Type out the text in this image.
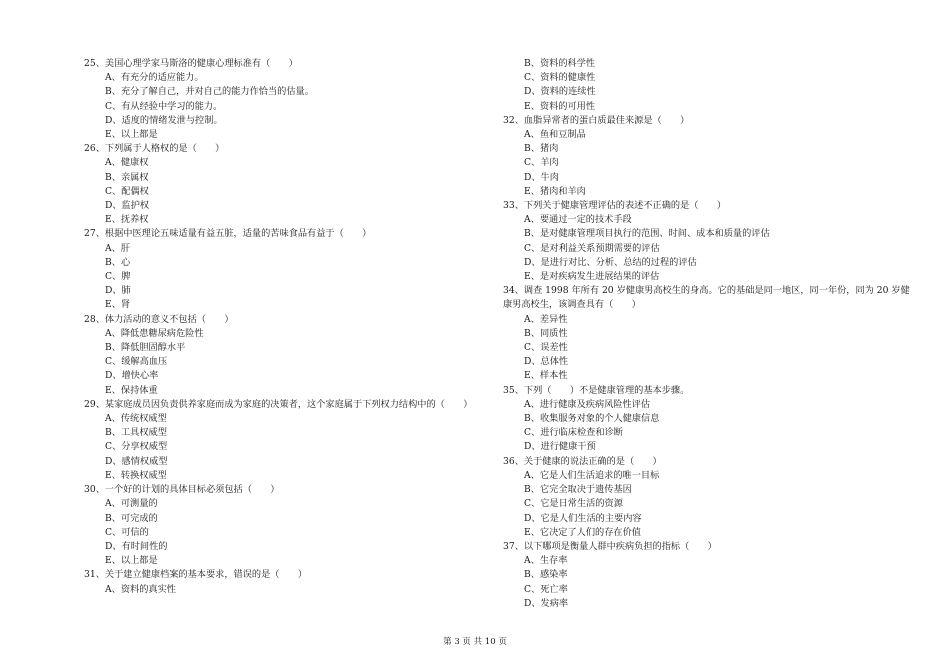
25、美国心理学家马斯洛的健康心理标准有（　　）
A、有充分的适应能力。
B、充分了解自己，并对自己的能力作恰当的估量。
C、有从经验中学习的能力。
D、适度的情绪发泄与控制。
E、以上都是
26、下列属于人格权的是（　　）
A、健康权
B、亲属权
C、配偶权
D、监护权
E、抚养权
27、根据中医理论五味适量有益五脏，适量的苦味食品有益于（　　）
A、肝
B、心
C、脾
D、肺
E、肾
28、体力活动的意义不包括（　　）
A、降低患糖尿病危险性
B、降低胆固醇水平
C、缓解高血压
D、增快心率
E、保持体重
29、某家庭成员因负责供养家庭而成为家庭的决策者，这个家庭属于下列权力结构中的（　　）
A、传统权威型
B、工具权威型
C、分享权威型
D、感情权威型
E、转换权威型
30、一个好的计划的具体目标必须包括（　　）
A、可测量的
B、可完成的
C、可信的
D、有时间性的
E、以上都是
31、关于建立健康档案的基本要求，错误的是（　　）
A、资料的真实性
B、资料的科学性
C、资料的健康性
D、资料的连续性
E、资料的可用性
32、血脂异常者的蛋白质最佳来源是（　　）
A、鱼和豆制品
B、猪肉
C、羊肉
D、牛肉
E、猪肉和羊肉
33、下列关于健康管理评估的表述不正确的是（　　）
A、要通过一定的技术手段
B、是对健康管理项目执行的范围、时间、成本和质量的评估
C、是对利益关系预期需要的评估
D、是进行对比、分析、总结的过程的评估
E、是对疾病发生进展结果的评估
34、调查 1998 年所有 20 岁健康男高校生的身高。它的基础是同一地区，同一年份，同为 20 岁健康男高校生，该调查具有（　　）
A、差异性
B、同质性
C、误差性
D、总体性
E、样本性
35、下列（　　）不是健康管理的基本步骤。
A、进行健康及疾病风险性评估
B、收集服务对象的个人健康信息
C、进行临床检查和诊断
D、进行健康干预
36、关于健康的说法正确的是（　　）
A、它是人们生活追求的唯一目标
B、它完全取决于遗传基因
C、它是日常生活的资源
D、它是人们生活的主要内容
E、它决定了人们的存在价值
37、以下哪项是衡量人群中疾病负担的指标（　　）
A、生存率
B、感染率
C、死亡率
D、发病率
第 3 页 共 10 页
